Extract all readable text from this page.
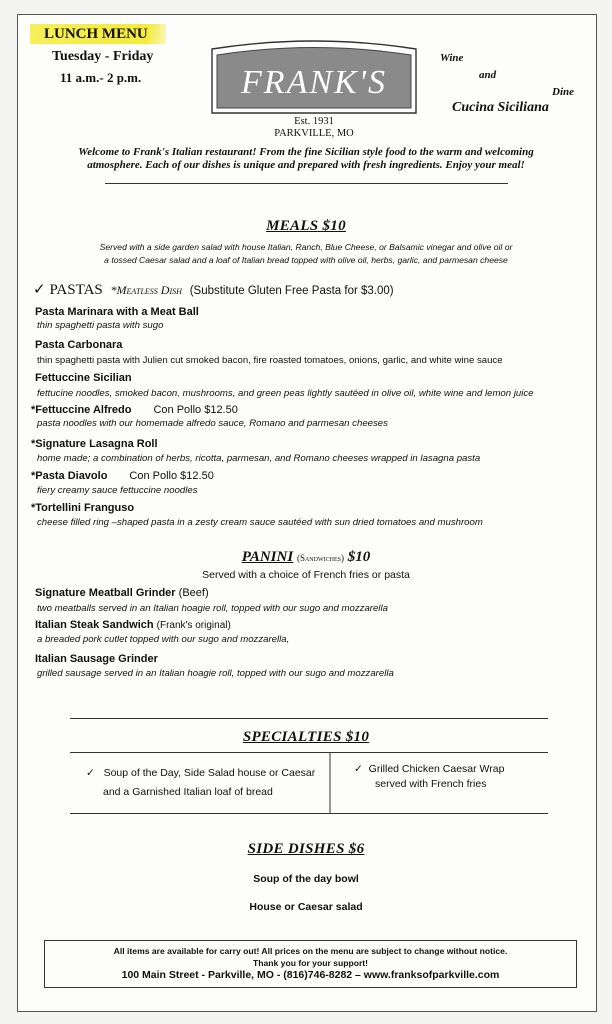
LUNCH MENU
Tuesday - Friday
11 a.m.- 2 p.m.	FRANK'S
Est. 1931
PARKVILLE, MO
Wine
and
Dine
Cucina Siciliana
Welcome to Frank's Italian restaurant! From the fine Sicilian style food to the warm and welcoming
atmosphere. Each of our dishes is unique and prepared with fresh ingredients. Enjoy your meal!
MEALS $10
Served with a side garden salad with house Italian, Ranch, Blue Cheese, or Balsamic vinegar and olive oil or
a tossed Caesar salad and a loaf of Italian bread topped with olive oil, herbs, garlic, and parmesan cheese
✓ PASTAS *Meatless Dish (Substitute Gluten Free Pasta for $3.00)
Pasta Marinara with a Meat Ball
thin spaghetti pasta with sugo
Pasta Carbonara
thin spaghetti pasta with Julien cut smoked bacon, fire roasted tomatoes, onions, garlic, and white wine sauce
Fettuccine Sicilian
fettucine noodles, smoked bacon, mushrooms, and green peas lightly sautéed in olive oil, white wine and lemon juice
*Fettuccine Alfredo Con Pollo $12.50
pasta noodles with our homemade alfredo sauce, Romano and parmesan cheeses
*Signature Lasagna Roll
home made; a combination of herbs, ricotta, parmesan, and Romano cheeses wrapped in lasagna pasta
*Pasta Diavolo Con Pollo $12.50
fiery creamy sauce fettuccine noodles
*Tortellini Franguso
cheese filled ring –shaped pasta in a zesty cream sauce sautéed with sun dried tomatoes and mushroom
PANINI (Sandwiches) $10
Served with a choice of French fries or pasta
Signature Meatball Grinder (Beef)
two meatballs served in an Italian hoagie roll, topped with our sugo and mozzarella
Italian Steak Sandwich (Frank's original)
a breaded pork cutlet topped with our sugo and mozzarella,
Italian Sausage Grinder
grilled sausage served in an Italian hoagie roll, topped with our sugo and mozzarella
SPECIALTIES $10
✓ Soup of the Day, Side Salad house or Caesar
and a Garnished Italian loaf of bread
✓ Grilled Chicken Caesar Wrap
served with French fries
SIDE DISHES $6
Soup of the day bowl
House or Caesar salad
All items are available for carry out! All prices on the menu are subject to change without notice.
Thank you for your support!
100 Main Street - Parkville, MO - (816)746-8282 – www.franksofparkville.com
